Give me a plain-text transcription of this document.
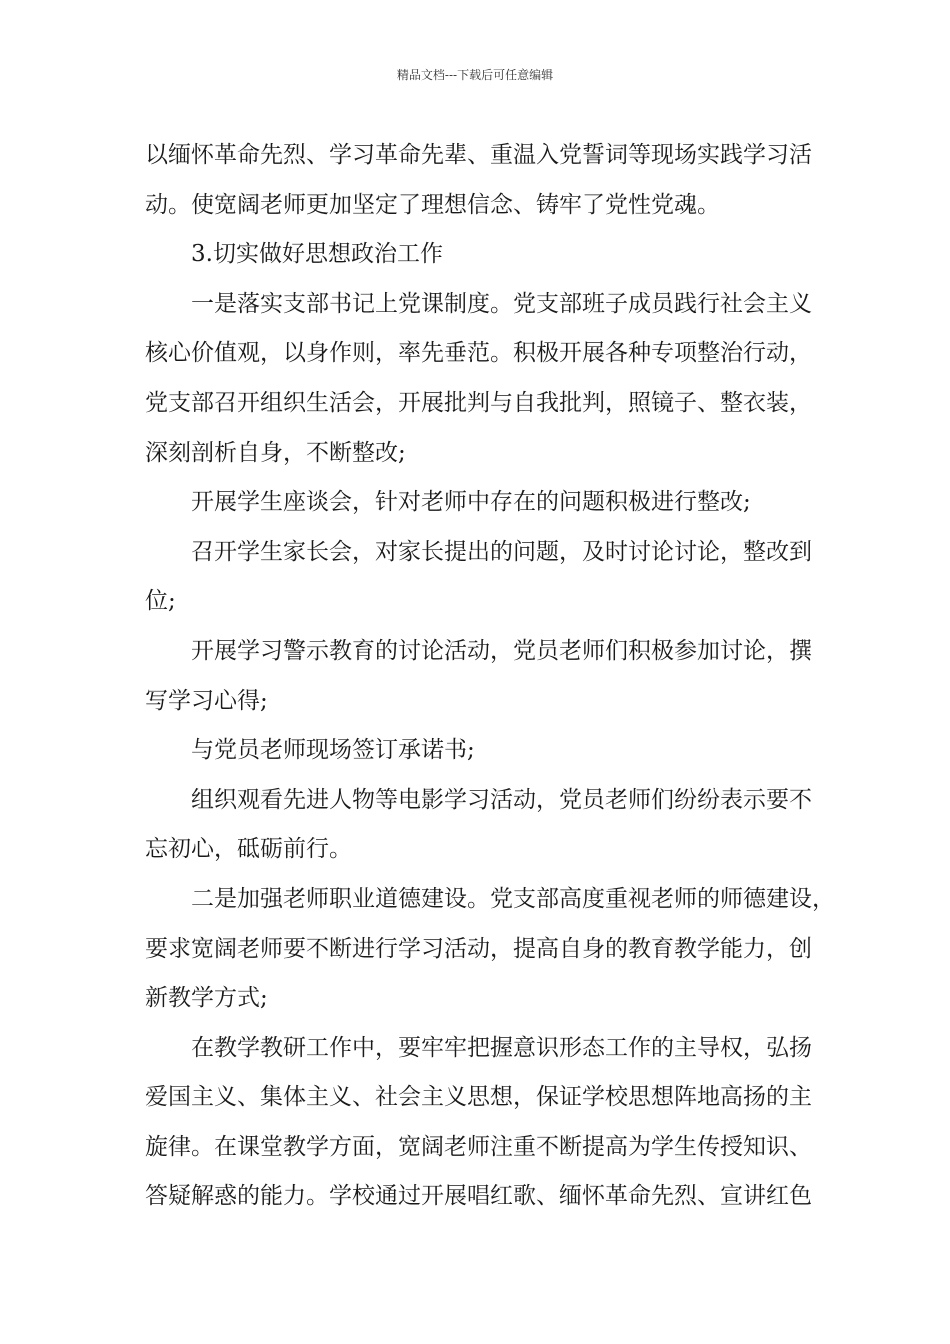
精品文档---下载后可任意编辑

以缅怀革命先烈、学习革命先辈、重温入党誓词等现场实践学习活

动。使宽阔老师更加坚定了理想信念、铸牢了党性党魂。

3.切实做好思想政治工作

一是落实支部书记上党课制度。党支部班子成员践行社会主义

核心价值观，以身作则，率先垂范。积极开展各种专项整治行动，

党支部召开组织生活会，开展批判与自我批判，照镜子、整衣装，

深刻剖析自身，不断整改;

开展学生座谈会，针对老师中存在的问题积极进行整改;

召开学生家长会，对家长提出的问题，及时讨论讨论，整改到

位;

开展学习警示教育的讨论活动，党员老师们积极参加讨论，撰

写学习心得;

与党员老师现场签订承诺书;

组织观看先进人物等电影学习活动，党员老师们纷纷表示要不

忘初心，砥砺前行。

二是加强老师职业道德建设。党支部高度重视老师的师德建设，

要求宽阔老师要不断进行学习活动，提高自身的教育教学能力，创

新教学方式;

在教学教研工作中，要牢牢把握意识形态工作的主导权，弘扬

爱国主义、集体主义、社会主义思想，保证学校思想阵地高扬的主

旋律。在课堂教学方面，宽阔老师注重不断提高为学生传授知识、

答疑解惑的能力。学校通过开展唱红歌、缅怀革命先烈、宣讲红色
